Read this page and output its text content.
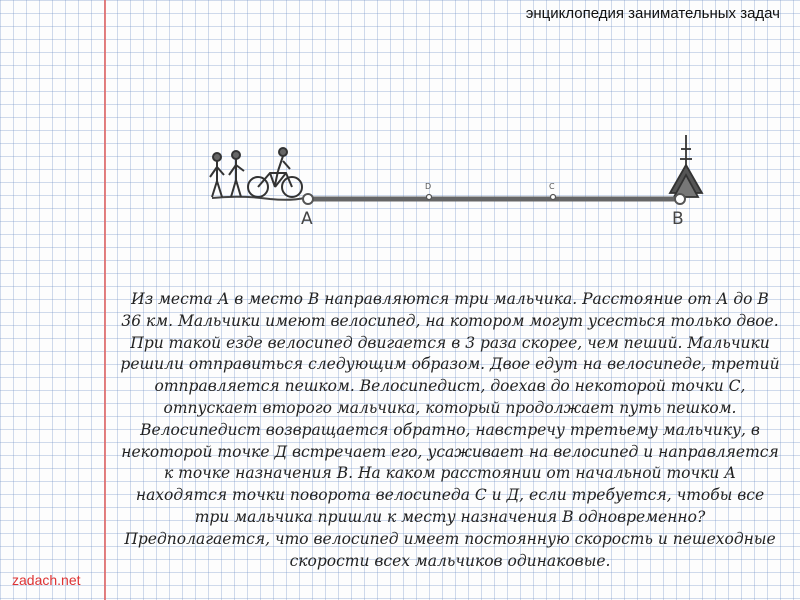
энциклопедия занимательных задач

A	B
D	C

Из места А в место В направляются три мальчика. Расстояние от А до В 36 км. Мальчики имеют велосипед, на котором могут усесться только двое. При такой езде велосипед двигается в 3 раза скорее, чем пеший. Мальчики решили отправиться следующим образом. Двое едут на велосипеде, третий отправляется пешком. Велосипедист, доехав до некоторой точки С, отпускает второго мальчика, который продолжает путь пешком. Велосипедист возвращается обратно, навстречу третьему мальчику, в некоторой точке Д встречает его, усаживает на велосипед и направляется к точке назначения В. На каком расстоянии от начальной точки А находятся точки поворота велосипеда С и Д, если требуется, чтобы все три мальчика пришли к месту назначения В одновременно? Предполагается, что велосипед имеет постоянную скорость и пешеходные скорости всех мальчиков одинаковые.

zadach.net
